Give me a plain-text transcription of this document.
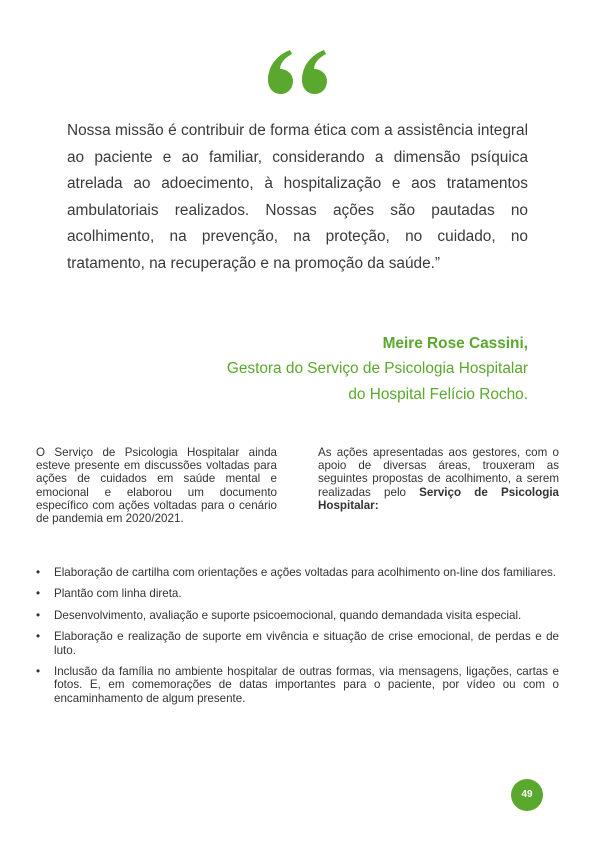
Nossa missão é contribuir de forma ética com a assistência integral ao paciente e ao familiar, considerando a dimensão psíquica atrelada ao adoecimento, à hospitalização e aos tratamentos ambulatoriais realizados. Nossas ações são pautadas no acolhimento, na prevenção, na proteção, no cuidado, no tratamento, na recuperação e na promoção da saúde.”

Meire Rose Cassini,

Gestora do Serviço de Psicologia Hospitalar

do Hospital Felício Rocho.

O Serviço de Psicologia Hospitalar ainda esteve presente em discussões voltadas para ações de cuidados em saúde mental e emocional e elaborou um documento específico com ações voltadas para o cenário de pandemia em 2020/2021.

As ações apresentadas aos gestores, com o apoio de diversas áreas, trouxeram as seguintes propostas de acolhimento, a serem realizadas pelo Serviço de Psicologia Hospitalar:

• Elaboração de cartilha com orientações e ações voltadas para acolhimento on-line dos familiares.
• Plantão com linha direta.
• Desenvolvimento, avaliação e suporte psicoemocional, quando demandada visita especial.
• Elaboração e realização de suporte em vivência e situação de crise emocional, de perdas e de luto.
• Inclusão da família no ambiente hospitalar de outras formas, via mensagens, ligações, cartas e fotos. E, em comemorações de datas importantes para o paciente, por vídeo ou com o encaminhamento de algum presente.
49
